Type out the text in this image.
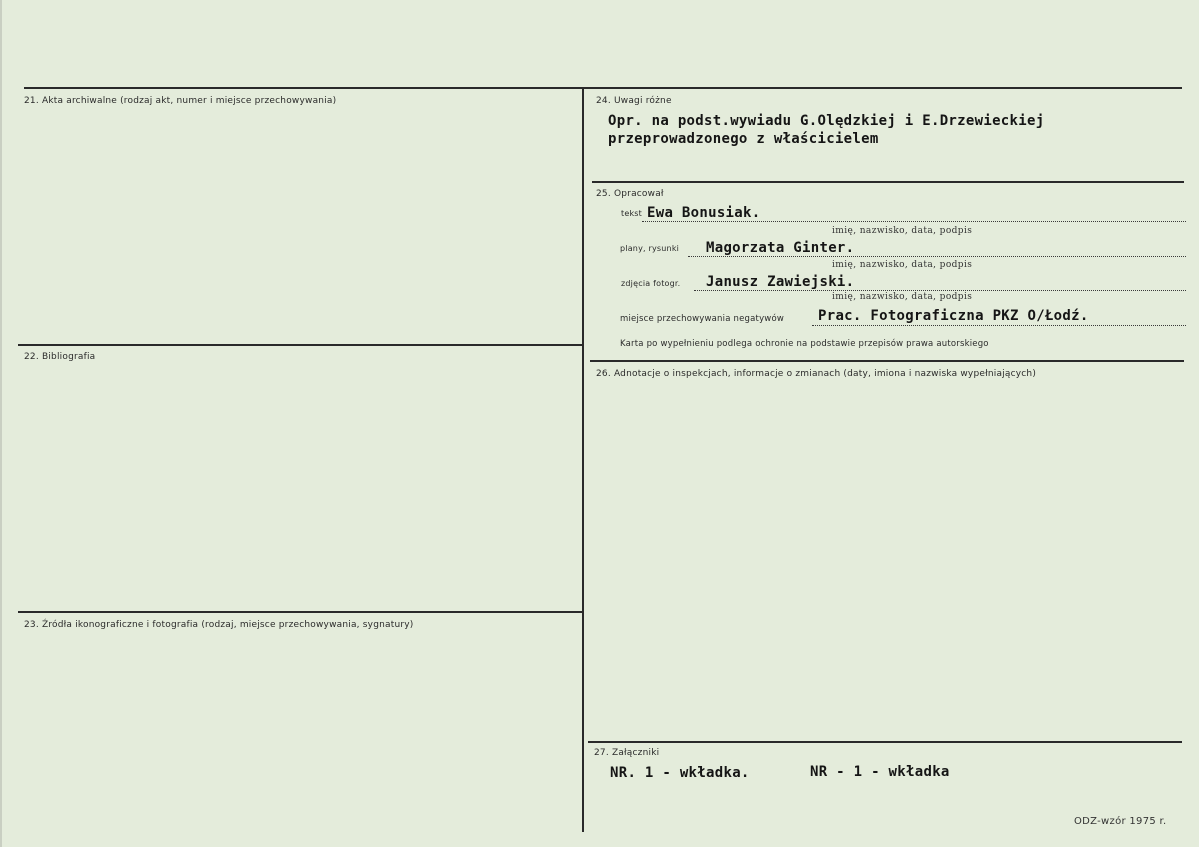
21. Akta archiwalne (rodzaj akt, numer i miejsce przechowywania)
22. Bibliografia
23. Źródła ikonograficzne i fotografia (rodzaj, miejsce przechowywania, sygnatury)
24. Uwagi różne
Opr. na podst.wywiadu G.Olędzkiej i E.Drzewieckiej
przeprowadzonego z właścicielem
25. Opracował
tekst Ewa Bonusiak.
imię, nazwisko, data, podpis
plany, rysunki Magorzata Ginter.
imię, nazwisko, data, podpis
zdjęcia fotogr. Janusz Zawiejski.
imię, nazwisko, data, podpis
miejsce przechowywania negatywów Prac. Fotograficzna PKZ O/Łodź.
Karta po wypełnieniu podlega ochronie na podstawie przepisów prawa autorskiego
26. Adnotacje o inspekcjach, informacje o zmianach (daty, imiona i nazwiska wypełniających)
27. Załączniki
NR. 1 - wkładka.	NR - 1 - wkładka
ODZ-wzór 1975 r.
